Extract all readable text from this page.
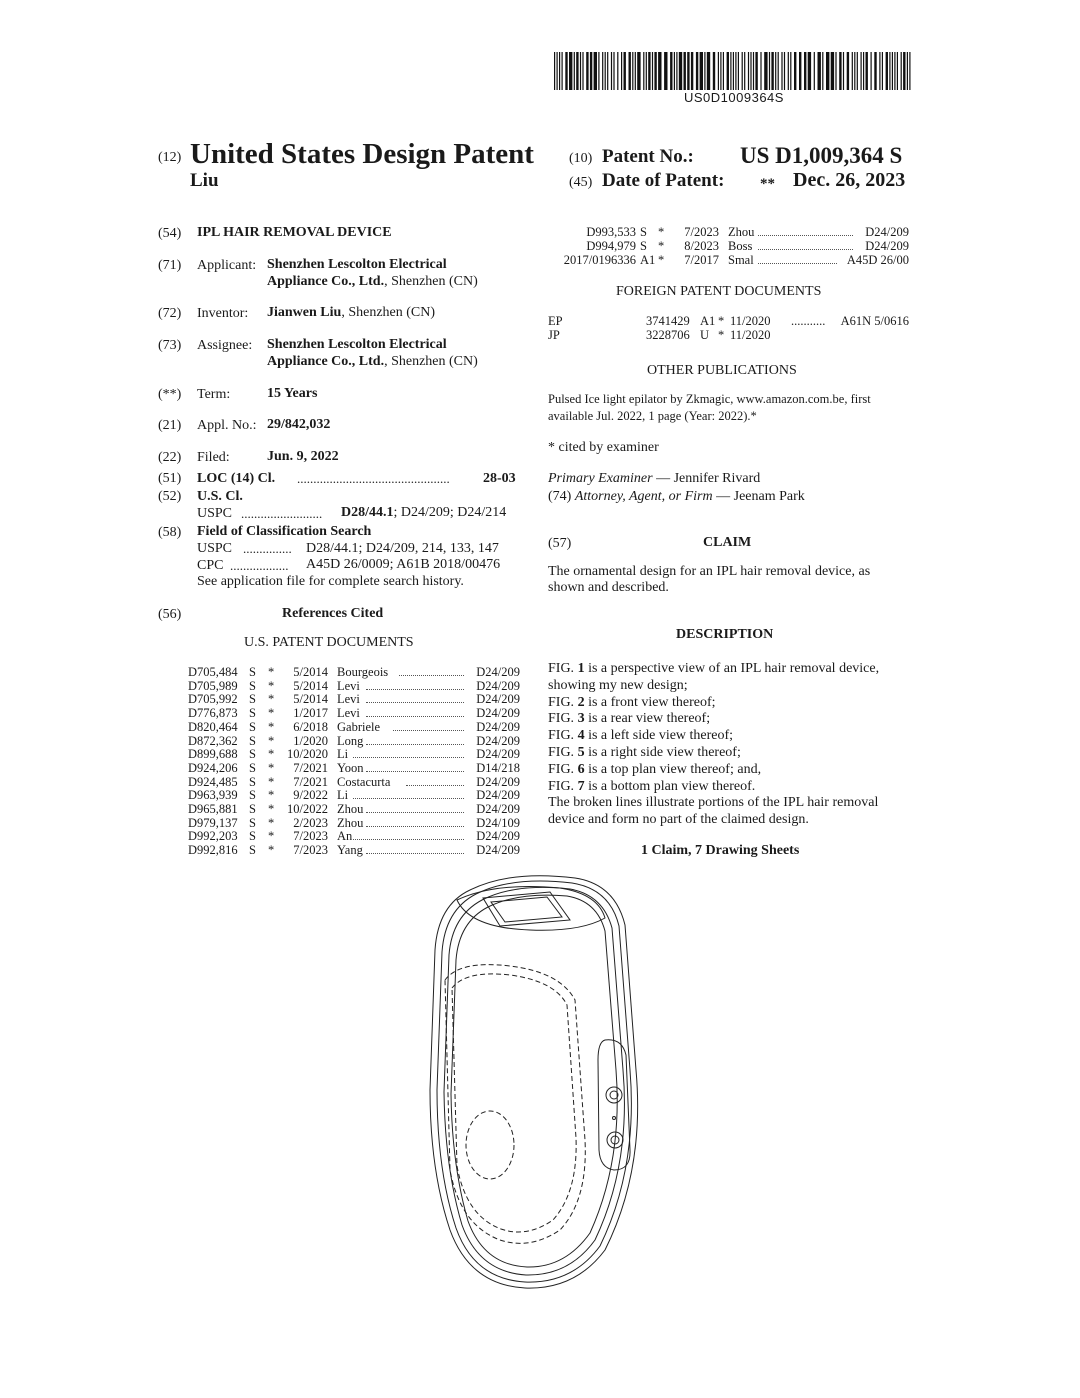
US0D1009364S
(12) United States Design Patent
Liu
(10) Patent No.: US D1,009,364 S
(45) Date of Patent: ** Dec. 26, 2023
(54) IPL HAIR REMOVAL DEVICE
(71) Applicant: Shenzhen Lescolton Electrical
Appliance Co., Ltd., Shenzhen (CN)
(72) Inventor: Jianwen Liu, Shenzhen (CN)
(73) Assignee: Shenzhen Lescolton Electrical
Appliance Co., Ltd., Shenzhen (CN)
(**) Term:	15 Years
(21) Appl. No.: 29/842,032
(22) Filed:	Jun. 9, 2022
(51) LOC (14) Cl. ............................................... 28-03
(52) U.S. Cl.
USPC ......................... D28/44.1; D24/209; D24/214
(58) Field of Classification Search
USPC ............... D28/44.1; D24/209, 214, 133, 147
CPC .................. A45D 26/0009; A61B 2018/00476
See application file for complete search history.
(56)	References Cited
U.S. PATENT DOCUMENTS
D705,484 S * 5/2014 Bourgeois	D24/209
D705,989 S * 5/2014 Levi	D24/209
D705,992 S * 5/2014 Levi	D24/209
D776,873 S * 1/2017 Levi	D24/209
D820,464 S * 6/2018 Gabriele	D24/209
D872,362 S * 1/2020 Long	D24/209
D899,688 S * 10/2020 Li	D24/209
D924,206 S * 7/2021 Yoon	D14/218
D924,485 S * 7/2021 Costacurta	D24/209
D963,939 S * 9/2022 Li	D24/209
D965,881 S * 10/2022 Zhou	D24/209
D979,137 S * 2/2023 Zhou	D24/109
D992,203 S * 7/2023 An	D24/209
D992,816 S * 7/2023 Yang	D24/209
D993,533 S * 7/2023 Zhou	D24/209
D994,979 S * 8/2023 Boss	D24/209
2017/0196336 A1 * 7/2017 Smal	A45D 26/00
FOREIGN PATENT DOCUMENTS
EP	3741429 A1 * 11/2020 ........... A61N 5/0616
JP	3228706 U * 11/2020
OTHER PUBLICATIONS
Pulsed Ice light epilator by Zkmagic, www.amazon.com.be, first
available Jul. 2022, 1 page (Year: 2022).*
* cited by examiner
Primary Examiner — Jennifer Rivard
(74) Attorney, Agent, or Firm — Jeenam Park
(57)	CLAIM
The ornamental design for an IPL hair removal device, as
shown and described.
DESCRIPTION
FIG. 1 is a perspective view of an IPL hair removal device,
showing my new design;
FIG. 2 is a front view thereof;
FIG. 3 is a rear view thereof;
FIG. 4 is a left side view thereof;
FIG. 5 is a right side view thereof;
FIG. 6 is a top plan view thereof; and,
FIG. 7 is a bottom plan view thereof.
The broken lines illustrate portions of the IPL hair removal
device and form no part of the claimed design.
1 Claim, 7 Drawing Sheets
